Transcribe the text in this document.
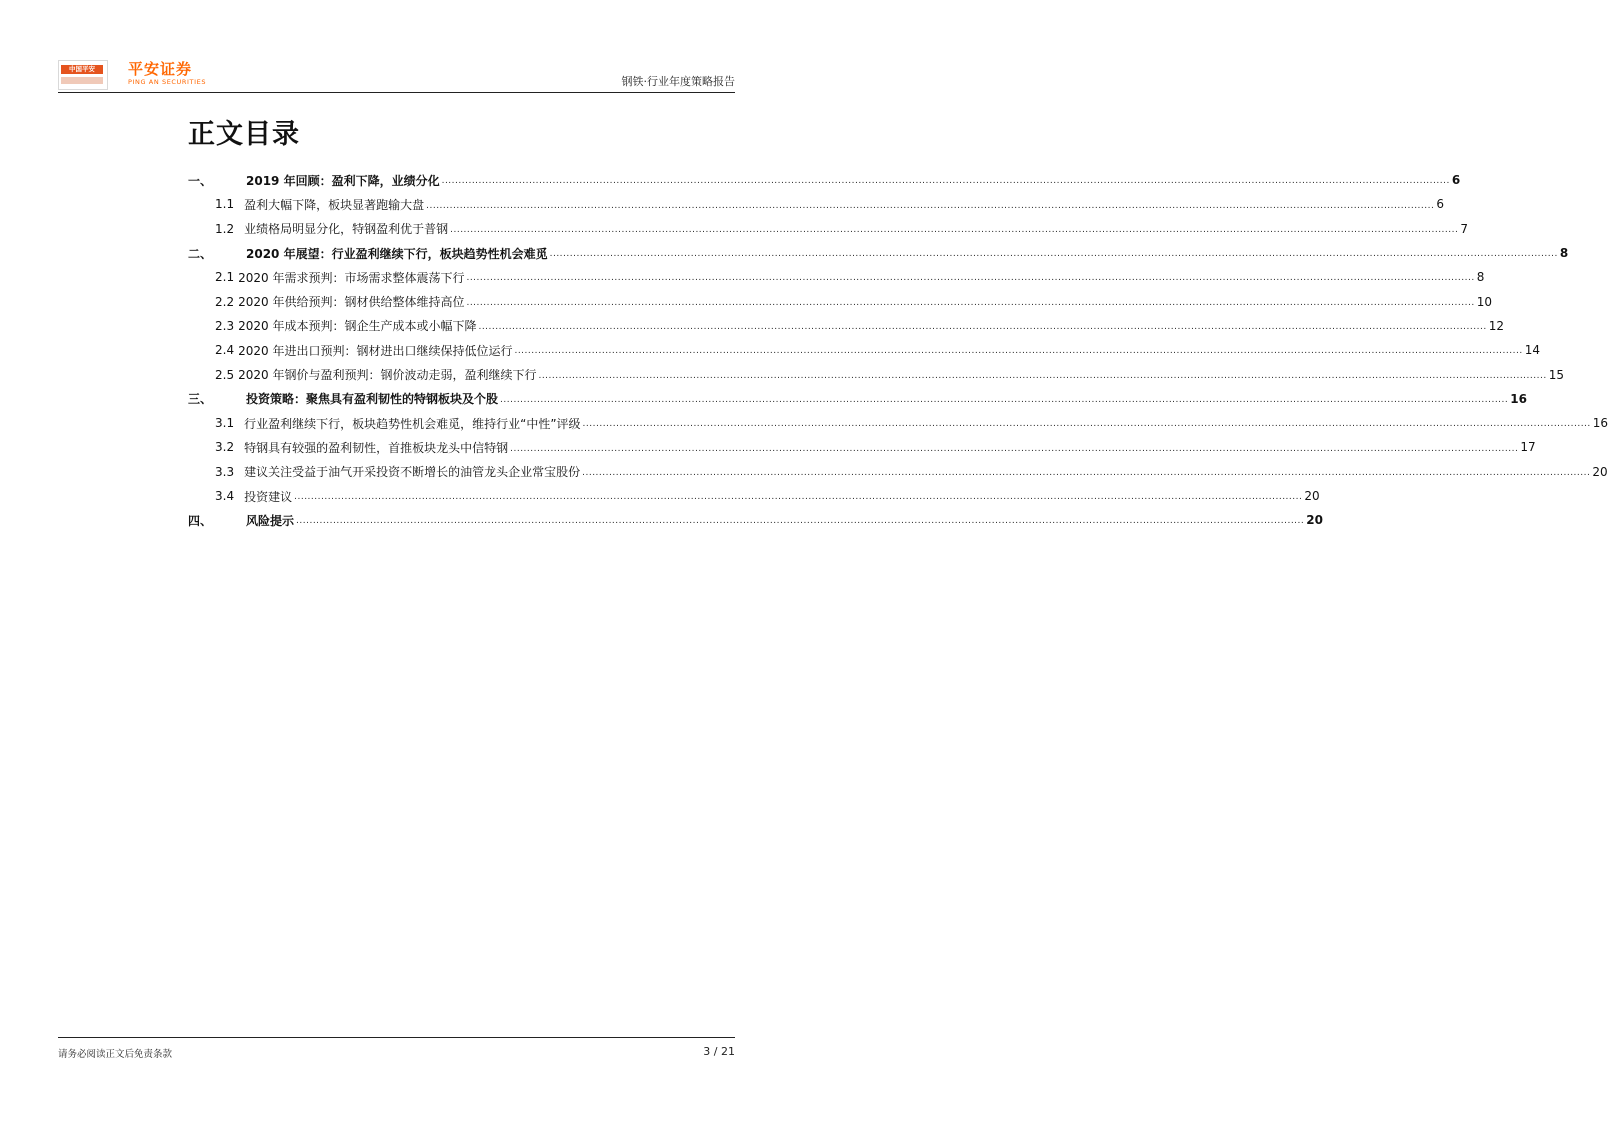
中国平安	平安证券
PING AN SECURITIES	钢铁·行业年度策略报告
正文目录
一、	2019 年回顾：盈利下降，业绩分化 ............................................................................................................................................................................................................................................................................................................ 6
1.1 盈利大幅下降，板块显著跑输大盘 ............................................................................................................................................................................................................................................................................................................ 6
1.2 业绩格局明显分化，特钢盈利优于普钢 ............................................................................................................................................................................................................................................................................................................ 7
二、	2020 年展望：行业盈利继续下行，板块趋势性机会难觅 ............................................................................................................................................................................................................................................................................................................ 8
2.1 2020 年需求预判：市场需求整体震荡下行 ............................................................................................................................................................................................................................................................................................................ 8
2.2 2020 年供给预判：钢材供给整体维持高位 ............................................................................................................................................................................................................................................................................................................ 10
2.3 2020 年成本预判：钢企生产成本或小幅下降 ............................................................................................................................................................................................................................................................................................................ 12
2.4 2020 年进出口预判：钢材进出口继续保持低位运行 ............................................................................................................................................................................................................................................................................................................ 14
2.5 2020 年钢价与盈利预判：钢价波动走弱，盈利继续下行 ............................................................................................................................................................................................................................................................................................................ 15
三、	投资策略：聚焦具有盈利韧性的特钢板块及个股 ............................................................................................................................................................................................................................................................................................................ 16
3.1 行业盈利继续下行，板块趋势性机会难觅，维持行业“中性”评级 ............................................................................................................................................................................................................................................................................................................ 16
3.2 特钢具有较强的盈利韧性，首推板块龙头中信特钢 ............................................................................................................................................................................................................................................................................................................ 17
3.3 建议关注受益于油气开采投资不断增长的油管龙头企业常宝股份 ............................................................................................................................................................................................................................................................................................................ 20
3.4 投资建议 ............................................................................................................................................................................................................................................................................................................ 20
四、	风险提示 ............................................................................................................................................................................................................................................................................................................ 20
请务必阅读正文后免责条款	3 / 21
